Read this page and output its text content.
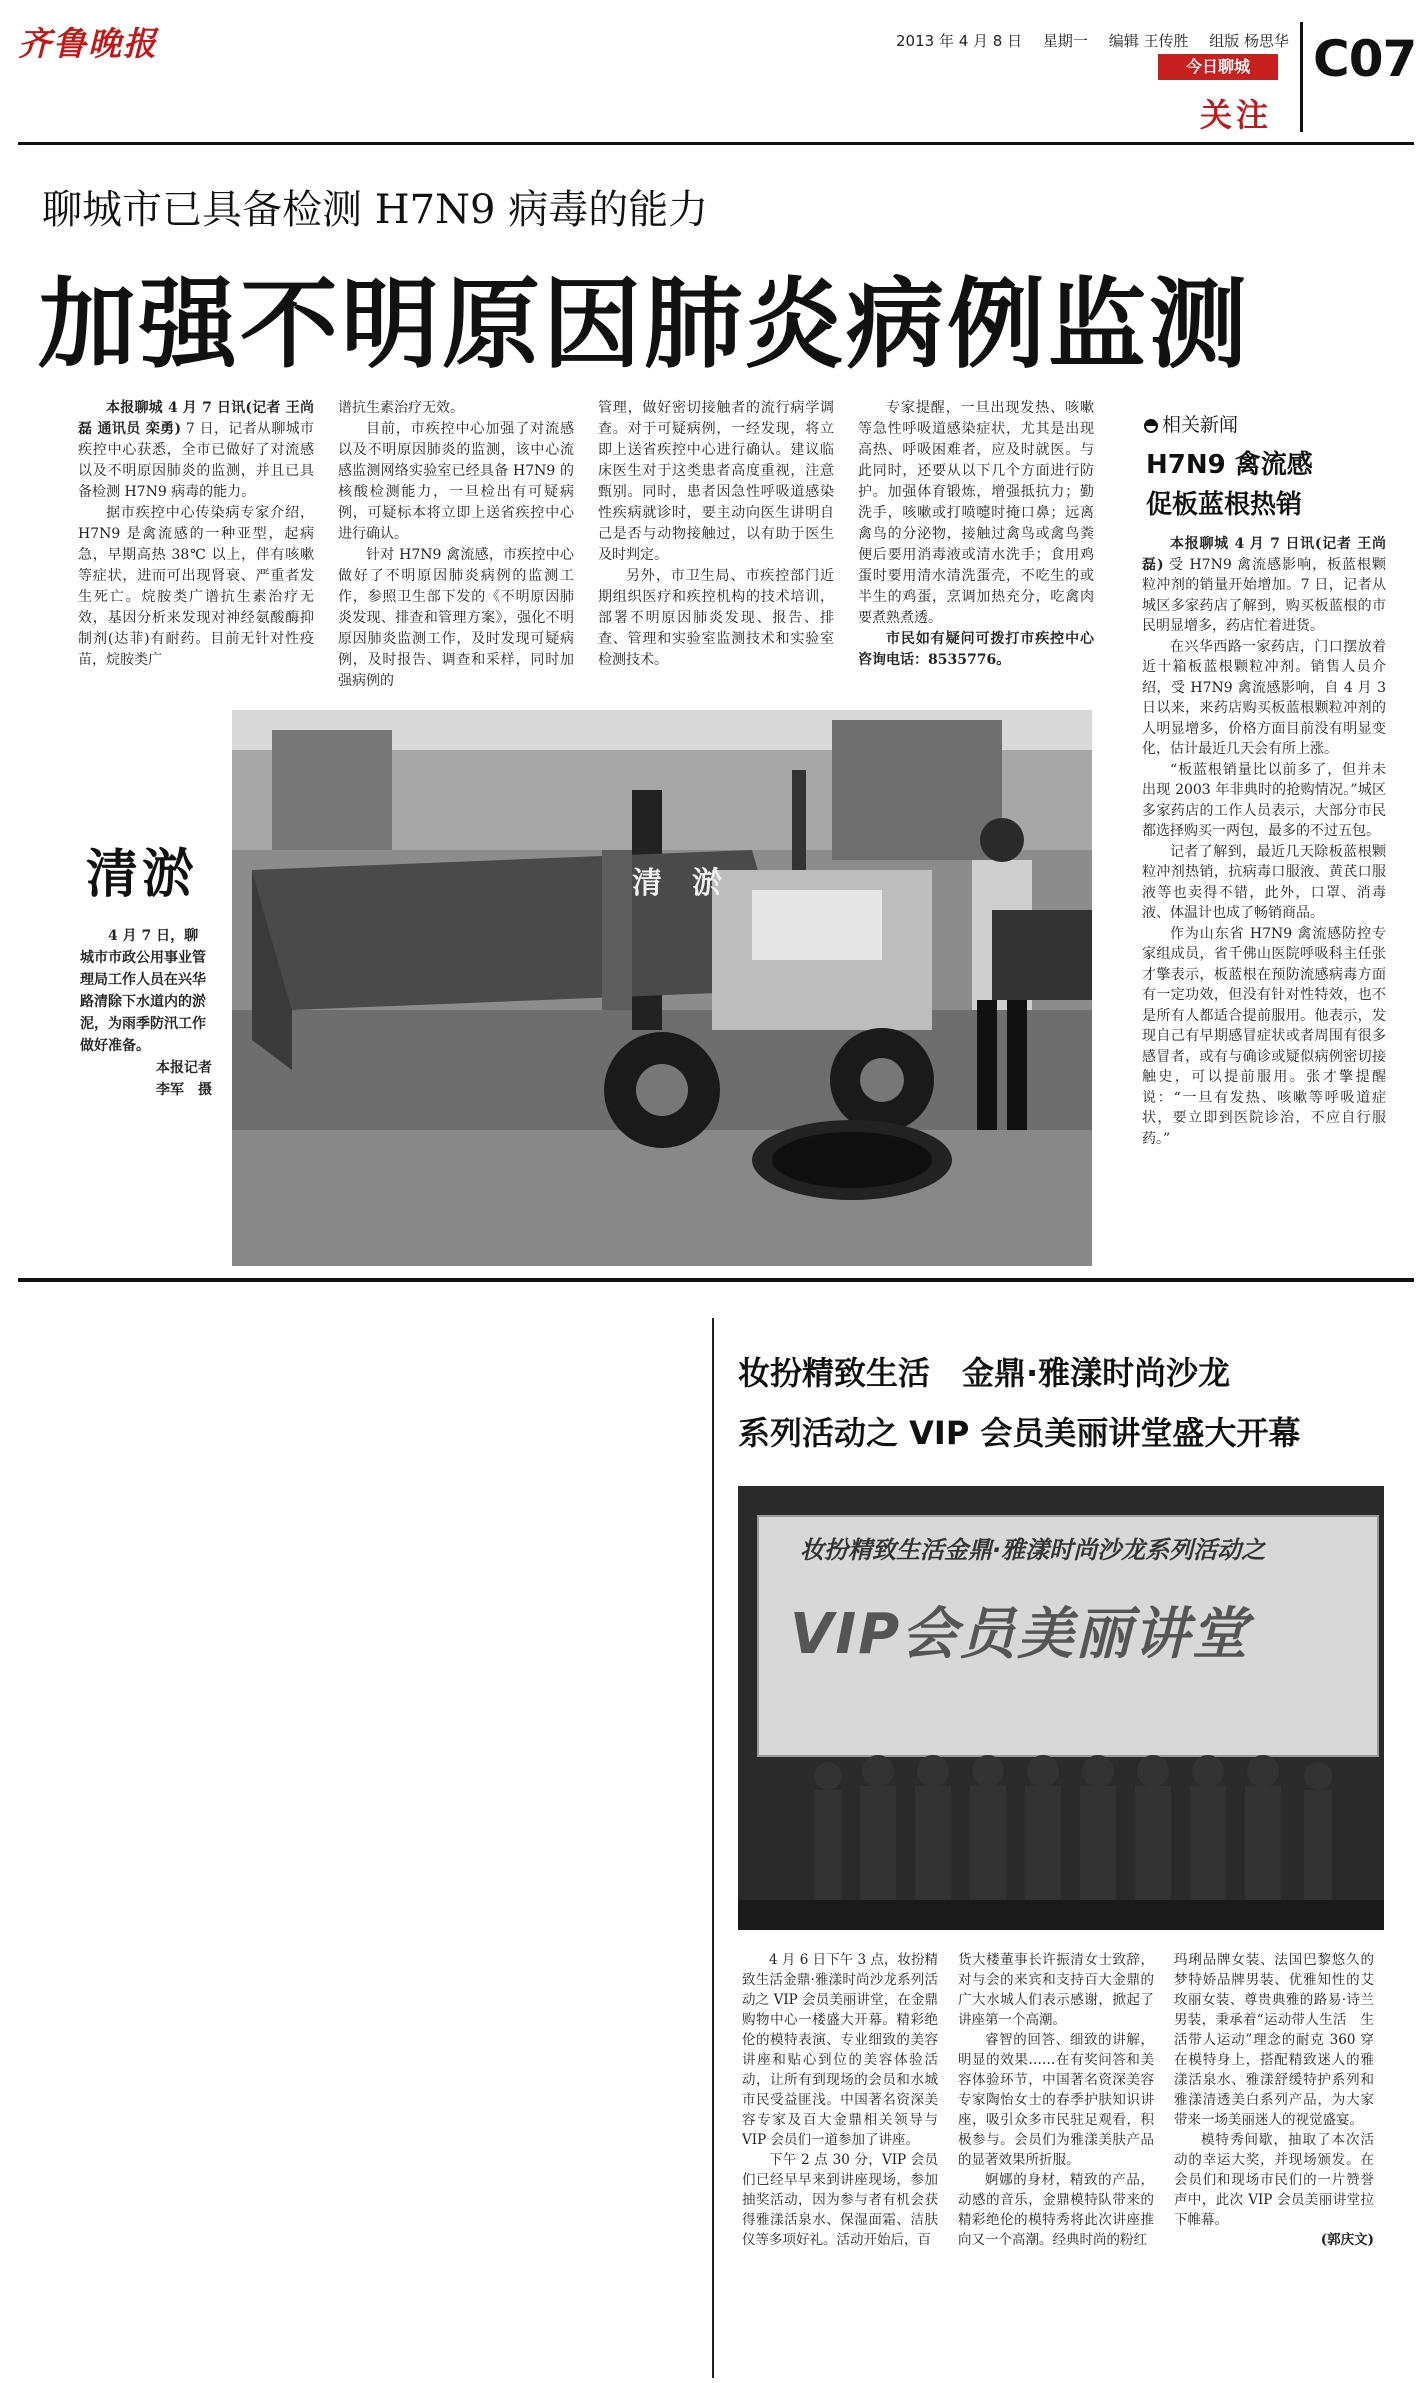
齐鲁晚报	2013 年 4 月 8 日 星期一 编辑 王传胜 组版 杨思华
今日聊城
关注
C07
聊城市已具备检测 H7N9 病毒的能力
加强不明原因肺炎病例监测

本报聊城 4 月 7 日讯(记者 王尚磊 通讯员 栾勇) 7 日，记者从聊城市疾控中心获悉，全市已做好了对流感以及不明原因肺炎的监测，并且已具备检测 H7N9 病毒的能力。

据市疾控中心传染病专家介绍，H7N9 是禽流感的一种亚型，起病急，早期高热 38℃ 以上，伴有咳嗽等症状，进而可出现肾衰、严重者发生死亡。烷胺类广谱抗生素治疗无效，基因分析来发现对神经氨酸酶抑制剂(达菲)有耐药。目前无针对性疫苗，烷胺类广

谱抗生素治疗无效。

目前，市疾控中心加强了对流感以及不明原因肺炎的监测，该中心流感监测网络实验室已经具备 H7N9 的核酸检测能力，一旦检出有可疑病例，可疑标本将立即上送省疾控中心进行确认。

针对 H7N9 禽流感，市疾控中心做好了不明原因肺炎病例的监测工作，参照卫生部下发的《不明原因肺炎发现、排查和管理方案》，强化不明原因肺炎监测工作，及时发现可疑病例，及时报告、调查和采样，同时加强病例的

管理，做好密切接触者的流行病学调查。对于可疑病例，一经发现，将立即上送省疾控中心进行确认。建议临床医生对于这类患者高度重视，注意甄别。同时，患者因急性呼吸道感染性疾病就诊时，要主动向医生讲明自己是否与动物接触过，以有助于医生及时判定。

另外，市卫生局、市疾控部门近期组织医疗和疾控机构的技术培训，部署不明原因肺炎发现、报告、排查、管理和实验室监测技术和实验室检测技术。

专家提醒，一旦出现发热、咳嗽等急性呼吸道感染症状，尤其是出现高热、呼吸困难者，应及时就医。与此同时，还要从以下几个方面进行防护。加强体育锻炼，增强抵抗力；勤洗手，咳嗽或打喷嚏时掩口鼻；远离禽鸟的分泌物，接触过禽鸟或禽鸟粪便后要用消毒液或清水洗手；食用鸡蛋时要用清水清洗蛋壳，不吃生的或半生的鸡蛋，烹调加热充分，吃禽肉要煮熟煮透。

市民如有疑问可拨打市疾控中心咨询电话：8535776。

清淤
清淤
4 月 7 日，聊城市市政公用事业管理局工作人员在兴华路清除下水道内的淤泥，为雨季防汛工作做好准备。
本报记者
李军　摄
相关新闻
H7N9 禽流感
促板蓝根热销

本报聊城 4 月 7 日讯(记者 王尚磊) 受 H7N9 禽流感影响，板蓝根颗粒冲剂的销量开始增加。7 日，记者从城区多家药店了解到，购买板蓝根的市民明显增多，药店忙着进货。

在兴华西路一家药店，门口摆放着近十箱板蓝根颗粒冲剂。销售人员介绍，受 H7N9 禽流感影响，自 4 月 3 日以来，来药店购买板蓝根颗粒冲剂的人明显增多，价格方面目前没有明显变化，估计最近几天会有所上涨。

“板蓝根销量比以前多了，但并未出现 2003 年非典时的抢购情况。”城区多家药店的工作人员表示，大部分市民都选择购买一两包，最多的不过五包。

记者了解到，最近几天除板蓝根颗粒冲剂热销，抗病毒口服液、黄芪口服液等也卖得不错，此外，口罩、消毒液、体温计也成了畅销商品。

作为山东省 H7N9 禽流感防控专家组成员，省千佛山医院呼吸科主任张才擎表示，板蓝根在预防流感病毒方面有一定功效，但没有针对性特效，也不是所有人都适合提前服用。他表示，发现自己有早期感冒症状或者周围有很多感冒者，或有与确诊或疑似病例密切接触史，可以提前服用。张才擎提醒说：“一旦有发热、咳嗽等呼吸道症状，要立即到医院诊治，不应自行服药。”

妆扮精致生活　金鼎·雅漾时尚沙龙
系列活动之 VIP 会员美丽讲堂盛大开幕
妆扮精致生活金鼎·雅漾时尚沙龙系列活动之
VIP会员美丽讲堂

4 月 6 日下午 3 点，妆扮精致生活金鼎·雅漾时尚沙龙系列活动之 VIP 会员美丽讲堂，在金鼎购物中心一楼盛大开幕。精彩绝伦的模特表演、专业细致的美容讲座和贴心到位的美容体验活动，让所有到现场的会员和水城市民受益匪浅。中国著名资深美容专家及百大金鼎相关领导与 VIP 会员们一道参加了讲座。

下午 2 点 30 分，VIP 会员们已经早早来到讲座现场，参加抽奖活动，因为参与者有机会获得雅漾活泉水、保湿面霜、洁肤仪等多项好礼。活动开始后，百

货大楼董事长许振清女士致辞，对与会的来宾和支持百大金鼎的广大水城人们表示感谢，掀起了讲座第一个高潮。

睿智的回答、细致的讲解，明显的效果……在有奖问答和美容体验环节，中国著名资深美容专家陶怡女士的春季护肤知识讲座，吸引众多市民驻足观看，积极参与。会员们为雅漾美肤产品的显著效果所折服。

婀娜的身材，精致的产品，动感的音乐，金鼎模特队带来的精彩绝伦的模特秀将此次讲座推向又一个高潮。经典时尚的粉红

玛琍品牌女装、法国巴黎悠久的梦特娇品牌男装、优雅知性的艾玫丽女装、尊贵典雅的路易·诗兰男装，秉承着“运动带人生活　生活带人运动”理念的耐克 360 穿在模特身上，搭配精致迷人的雅漾活泉水、雅漾舒缓特护系列和雅漾清透美白系列产品，为大家带来一场美丽迷人的视觉盛宴。

模特秀间歇，抽取了本次活动的幸运大奖，并现场颁发。在会员们和现场市民们的一片赞誉声中，此次 VIP 会员美丽讲堂拉下帷幕。

(郭庆文)
